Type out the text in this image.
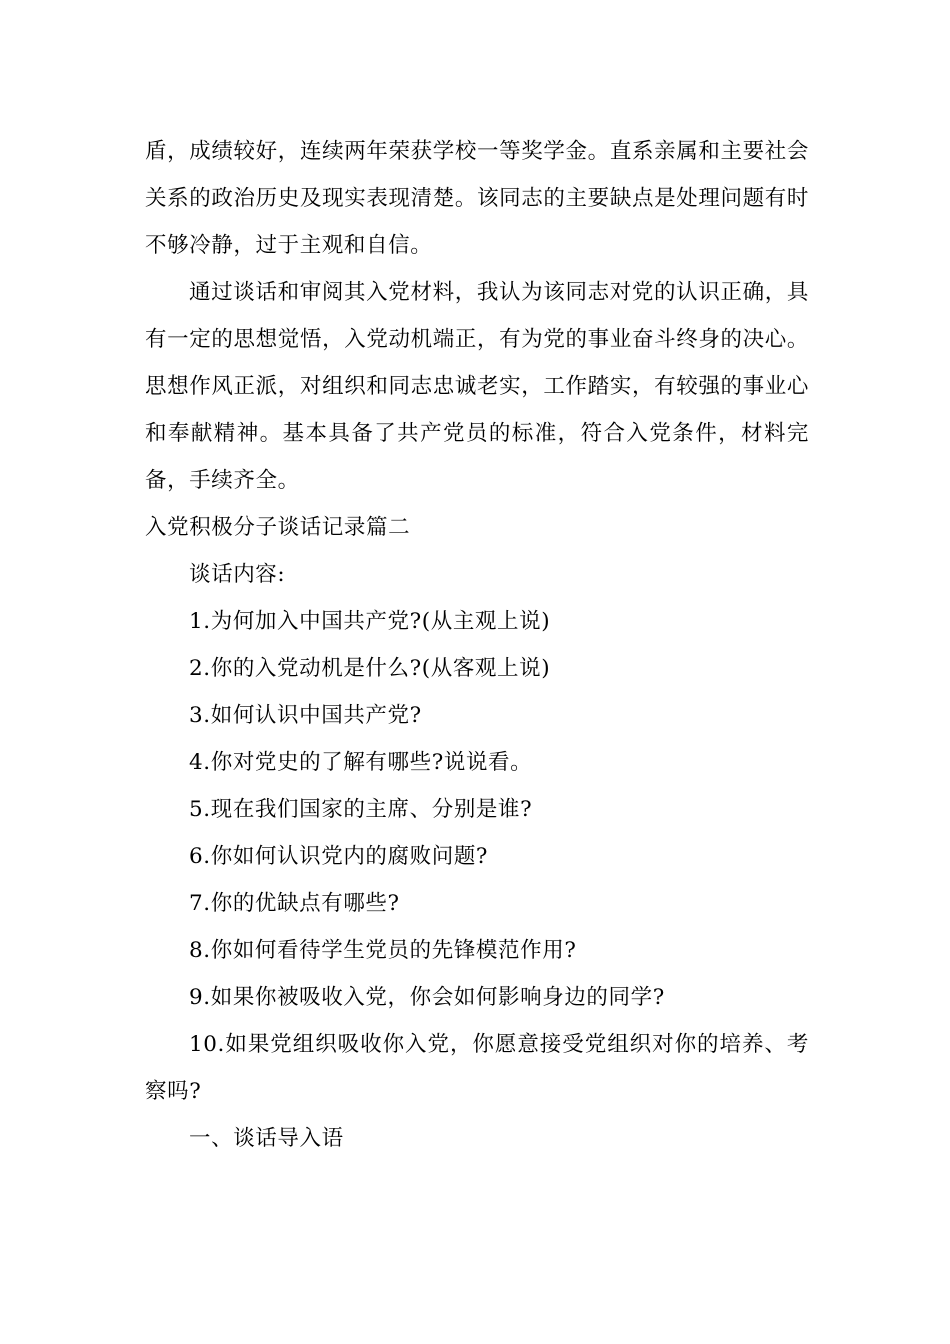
盾，成绩较好，连续两年荣获学校一等奖学金。直系亲属和主要社会关系的政治历史及现实表现清楚。该同志的主要缺点是处理问题有时不够冷静，过于主观和自信。

通过谈话和审阅其入党材料，我认为该同志对党的认识正确，具有一定的思想觉悟，入党动机端正，有为党的事业奋斗终身的决心。思想作风正派，对组织和同志忠诚老实，工作踏实，有较强的事业心和奉献精神。基本具备了共产党员的标准，符合入党条件，材料完备，手续齐全。

入党积极分子谈话记录篇二

谈话内容:

1.为何加入中国共产党?(从主观上说)

2.你的入党动机是什么?(从客观上说)

3.如何认识中国共产党?

4.你对党史的了解有哪些?说说看。

5.现在我们国家的主席、分别是谁?

6.你如何认识党内的腐败问题?

7.你的优缺点有哪些?

8.你如何看待学生党员的先锋模范作用?

9.如果你被吸收入党，你会如何影响身边的同学?

10.如果党组织吸收你入党，你愿意接受党组织对你的培养、考察吗?

一、谈话导入语
